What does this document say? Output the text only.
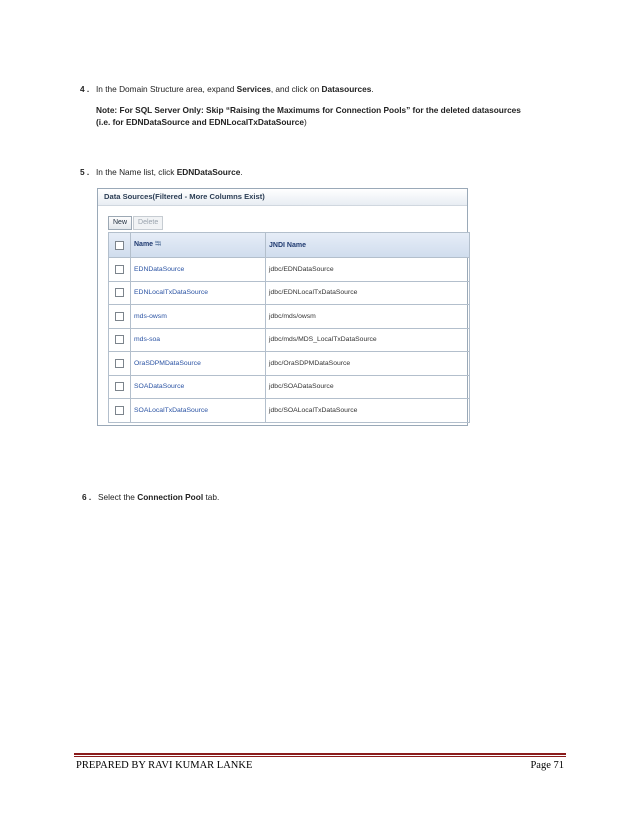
4 . In the Domain Structure area, expand Services, and click on Datasources.
Note: For SQL Server Only: Skip “Raising the Maximums for Connection Pools” for the deleted datasources
(i.e. for EDNDataSource and EDNLocalTxDataSource)
5 . In the Name list, click EDNDataSource.
Data Sources(Filtered - More Columns Exist)
New Delete
	Name ⭾	JNDI Name
	EDNDataSource	jdbc/EDNDataSource
	EDNLocalTxDataSource	jdbc/EDNLocalTxDataSource
	mds-owsm	jdbc/mds/owsm
	mds-soa	jdbc/mds/MDS_LocalTxDataSource
	OraSDPMDataSource	jdbc/OraSDPMDataSource
	SOADataSource	jdbc/SOADataSource
	SOALocalTxDataSource	jdbc/SOALocalTxDataSource
6 . Select the Connection Pool tab.
PREPARED BY RAVI KUMAR LANKE	Page 71
